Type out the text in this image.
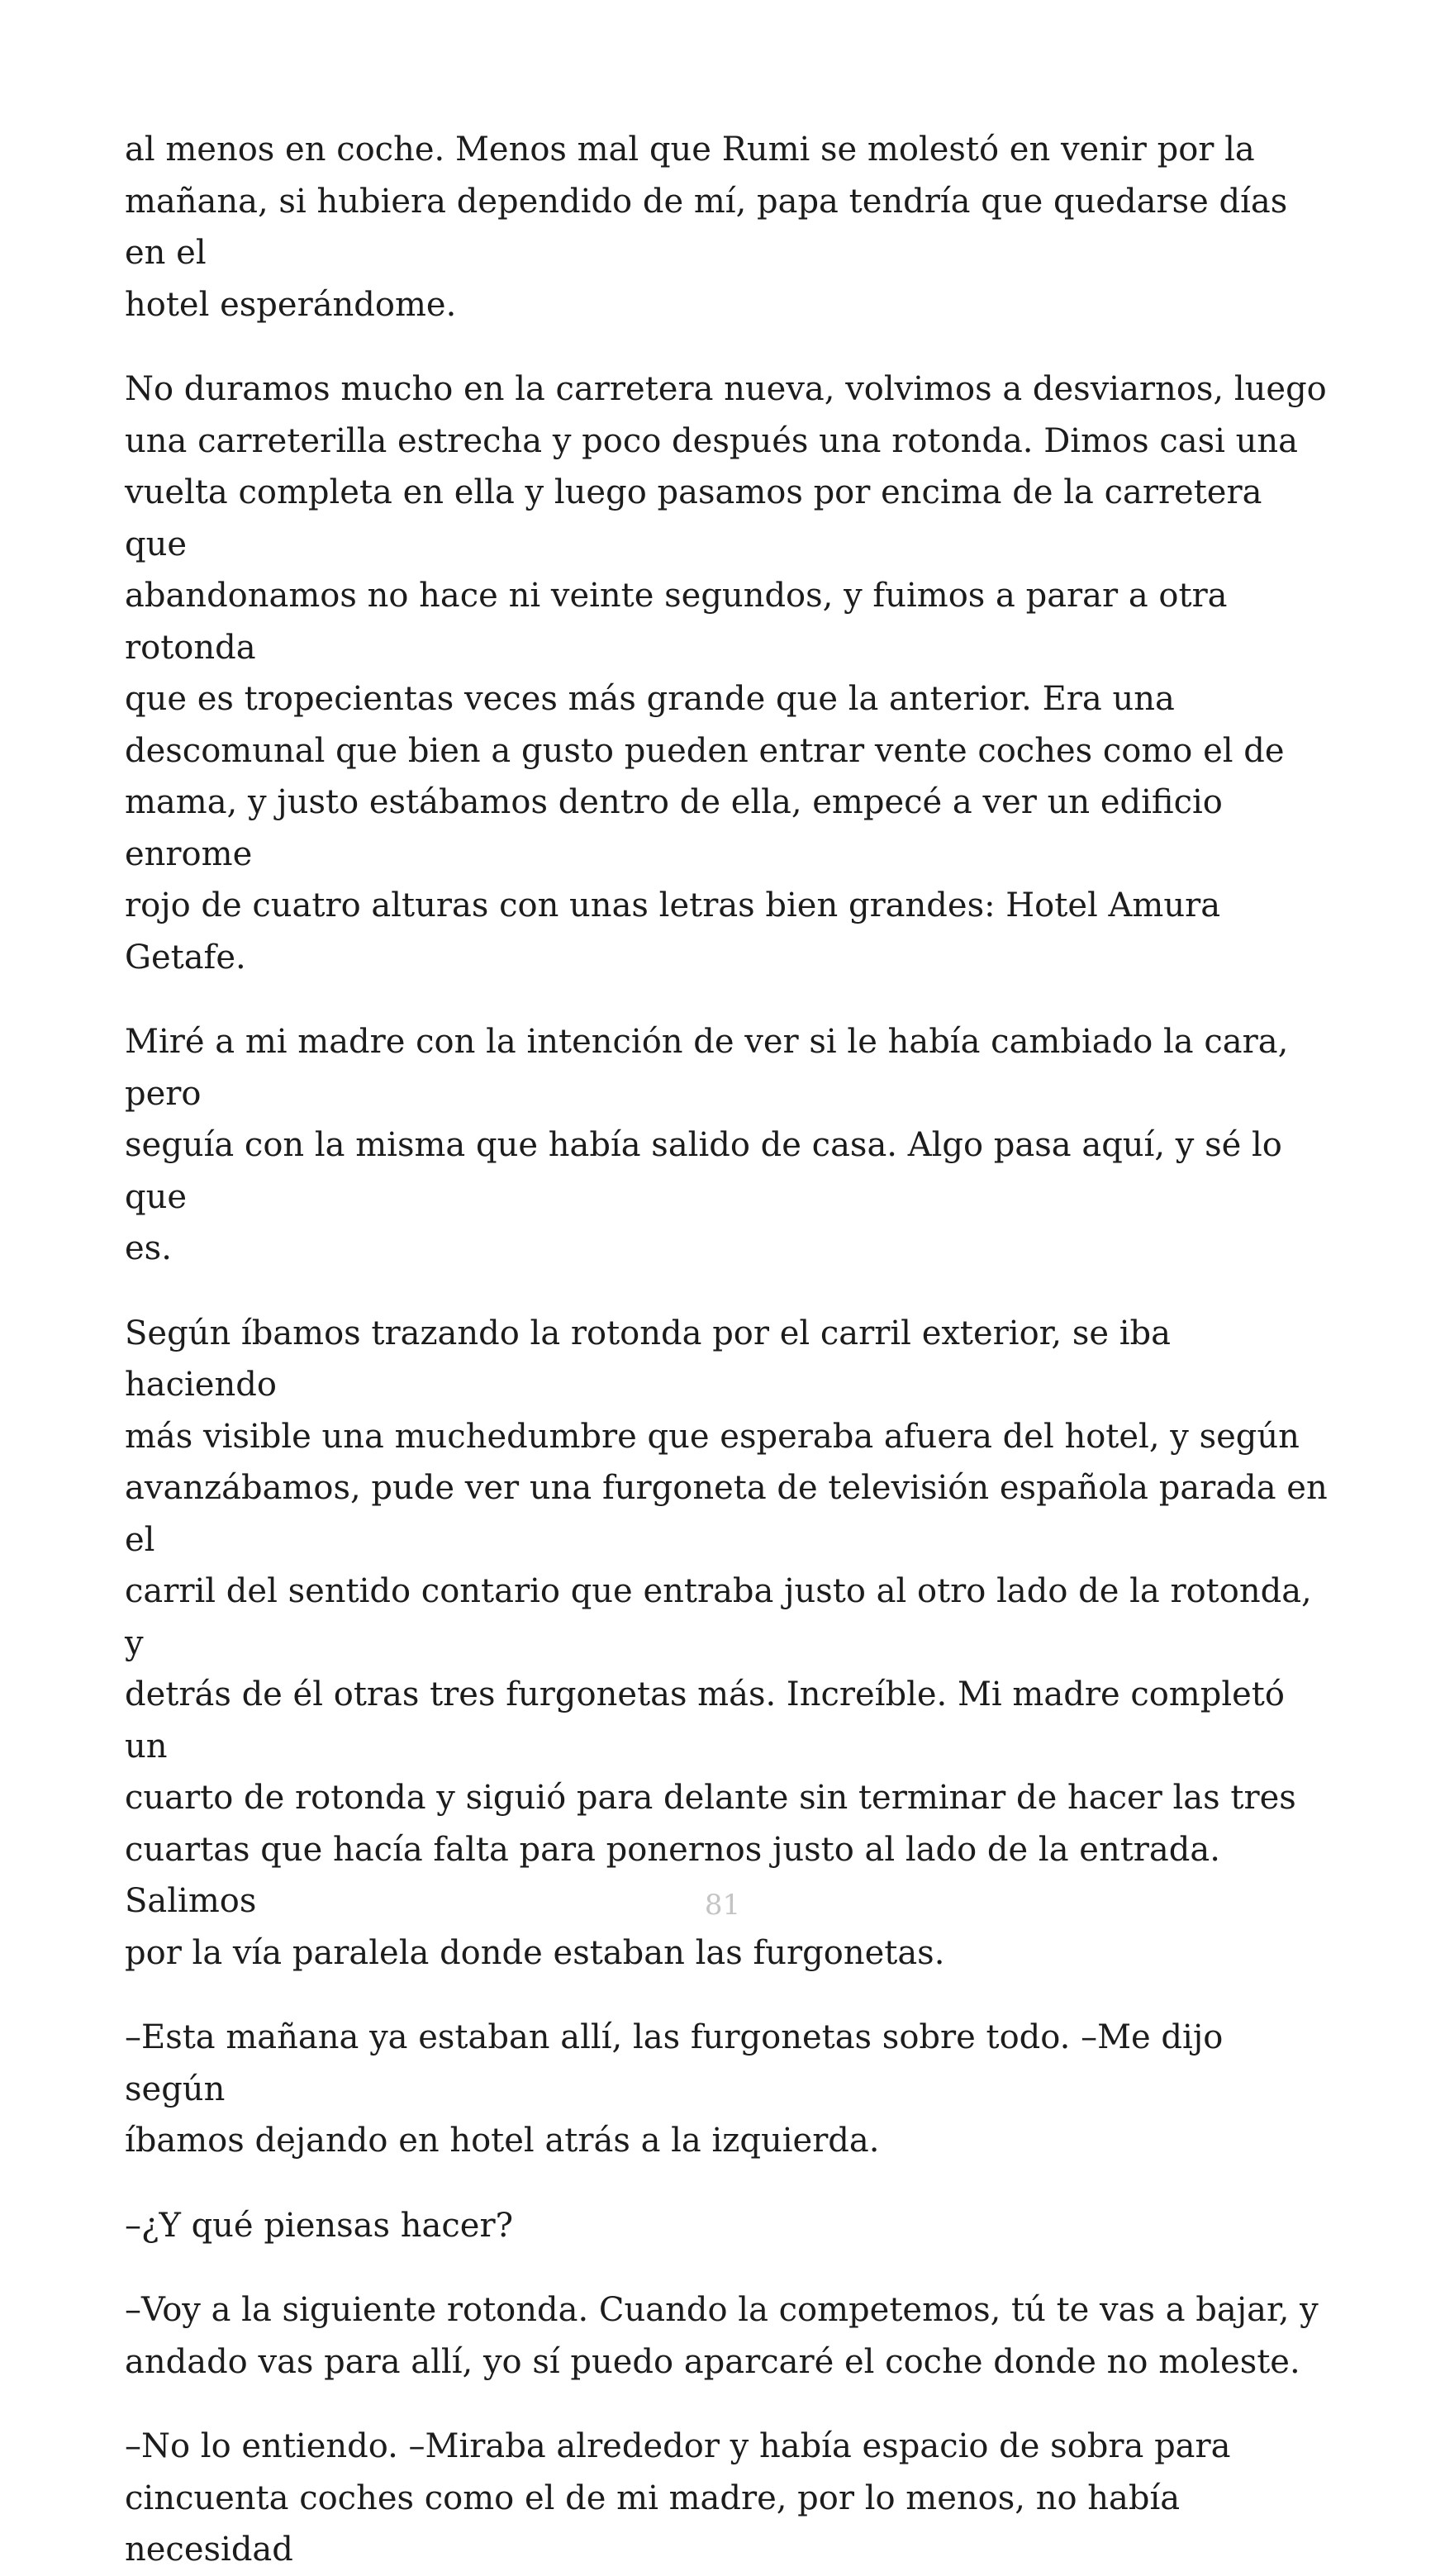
al menos en coche. Menos mal que Rumi se molestó en venir por la
mañana, si hubiera dependido de mí, papa tendría que quedarse días en el
hotel esperándome.

No duramos mucho en la carretera nueva, volvimos a desviarnos, luego
una carreterilla estrecha y poco después una rotonda. Dimos casi una
vuelta completa en ella y luego pasamos por encima de la carretera que
abandonamos no hace ni veinte segundos, y fuimos a parar a otra rotonda
que es tropecientas veces más grande que la anterior. Era una
descomunal que bien a gusto pueden entrar vente coches como el de
mama, y justo estábamos dentro de ella, empecé a ver un edificio enrome
rojo de cuatro alturas con unas letras bien grandes: Hotel Amura Getafe.

Miré a mi madre con la intención de ver si le había cambiado la cara, pero
seguía con la misma que había salido de casa. Algo pasa aquí, y sé lo que
es.

Según íbamos trazando la rotonda por el carril exterior, se iba haciendo
más visible una muchedumbre que esperaba afuera del hotel, y según
avanzábamos, pude ver una furgoneta de televisión española parada en el
carril del sentido contario que entraba justo al otro lado de la rotonda, y
detrás de él otras tres furgonetas más. Increíble. Mi madre completó un
cuarto de rotonda y siguió para delante sin terminar de hacer las tres
cuartas que hacía falta para ponernos justo al lado de la entrada. Salimos
por la vía paralela donde estaban las furgonetas.

–Esta mañana ya estaban allí, las furgonetas sobre todo. –Me dijo según
íbamos dejando en hotel atrás a la izquierda.

–¿Y qué piensas hacer?

–Voy a la siguiente rotonda. Cuando la competemos, tú te vas a bajar, y
andado vas para allí, yo sí puedo aparcaré el coche donde no moleste.

–No lo entiendo. –Miraba alrededor y había espacio de sobra para
cincuenta coches como el de mi madre, por lo menos, no había necesidad

81
